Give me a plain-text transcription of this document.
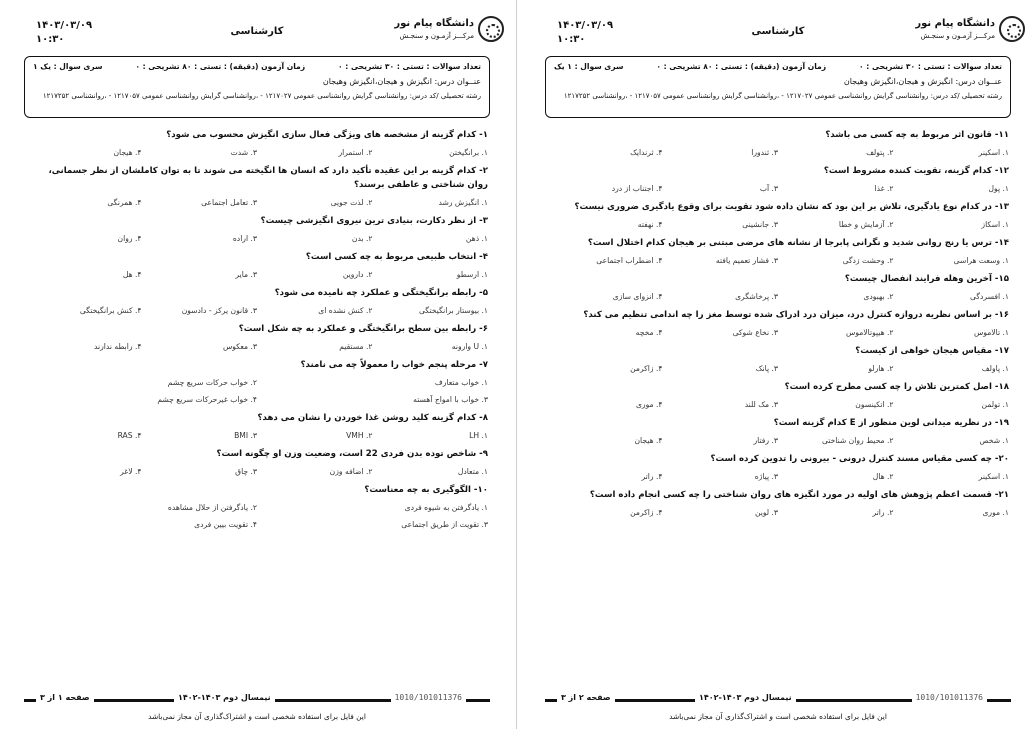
دانشگاه پیام نور
مرکـــز آزمـون و سنجـش
کارشناسی
۱۴۰۳/۰۳/۰۹
۱۰:۳۰
تعداد سوالات : تستی : ۳۰ تشریحی : ۰
زمان آزمون (دقیقه) : تستی : ۸۰ تشریحی : ۰
سری سوال : یک ۱
عنــوان درس: انگیزش و هیجان،انگیزش وهیجان
رشته تحصیلی /کد درس: روانشناسی گرایش روانشناسی عمومی ۱۲۱۷۰۲۷ - ،روانشناسی گرایش روانشناسی عمومی ۱۲۱۷۰۵۷ - ،روانشناسی ۱۲۱۷۲۵۲
۱- کدام گزینه از مشخصه های ویژگی فعال سازی انگیزش محسوب می شود؟
۱. برانگیختن
۲. استمرار
۳. شدت
۴. هیجان
۲- کدام گزینه بر این عقیده تأکید دارد که انسان ها انگیخته می شوند تا به توان کاملشان از نظر جسمانی، روان شناختی و عاطفی برسند؟
۱. انگیزش رشد
۲. لذت جویی
۳. تعامل اجتماعی
۴. همرنگی
۳- از نظر دکارت، بنیادی ترین نیروی انگیزشی چیست؟
۱. ذهن
۲. بدن
۳. اراده
۴. روان
۴- انتخاب طبیعی مربوط به چه کسی است؟
۱. ارسطو
۲. داروین
۳. مایر
۴. هل
۵- رابطه برانگیختگی و عملکرد چه نامیده می شود؟
۱. بیوستار برانگیختگی
۲. کنش نشده ای
۳. قانون یرکز - دادسون
۴. کنش برانگیختگی
۶- رابطه بین سطح برانگیختگی و عملکرد به چه شکل است؟
۱. U وارونه
۲. مستقیم
۳. معکوس
۴. رابطه ندارند
۷- مرحله پنجم خواب را معمولاً چه می نامند؟
۱. خواب متعارف
۲. خواب حرکات سریع چشم
۳. خواب با امواج آهسته
۴. خواب غیرحرکات سریع چشم
۸- کدام گزینه کلید روشن غذا خوردن را نشان می دهد؟
۱. LH
۲. VMH
۳. BMI
۴. RAS
۹- شاخص توده بدن فردی 22 است، وضعیت وزن او چگونه است؟
۱. متعادل
۲. اضافه وزن
۳. چاق
۴. لاغر
۱۰- الگوگیری به چه معناست؟
۱. یادگرفتن به شیوه فردی
۲. یادگرفتن از حلال مشاهده
۳. تقویت از طریق اجتماعی
۴. تقویت بیین فردی
صفحه ۱ از ۳	نیمسال دوم ۱۴۰۳-۱۴۰۲	1010/101011376
این فایل برای استفاده شخصی است و اشتراک‌گذاری آن مجاز نمی‌باشد
دانشگاه پیام نور
مرکـــز آزمـون و سنجـش
کارشناسی
۱۴۰۳/۰۳/۰۹
۱۰:۳۰
تعداد سوالات : تستی : ۳۰ تشریحی : ۰
زمان آزمون (دقیقه) : تستی : ۸۰ تشریحی : ۰
سری سوال : ۱ یک
عنــوان درس: انگیزش و هیجان،انگیزش وهیجان
رشته تحصیلی /کد درس: روانشناسی گرایش روانشناسی عمومی ۱۲۱۷۰۲۷ - ،روانشناسی گرایش روانشناسی عمومی ۱۲۱۷۰۵۷ - ،روانشناسی ۱۲۱۷۲۵۲
۱۱- قانون اثر مربوط به چه کسی می باشد؟
۱. اسکینر
۲. پتولف
۳. ثندورا
۴. ثرندایک
۱۲- کدام گزینه، تقویت کننده مشروط است؟
۱. پول
۲. غذا
۳. آب
۴. اجتناب از درد
۱۳- در کدام نوع یادگیری، تلاش بر این بود که نشان داده شود تقویت برای وقوع یادگیری ضروری نیست؟
۱. اسکاز
۲. آزمایش و خطا
۳. جانشینی
۴. نهفته
۱۴- ترس یا رنج روانی شدید و نگرانی پابرجا از نشانه های مرضی مبتنی بر هیجان کدام اختلال است؟
۱. وسعت هراسی
۲. وحشت زدگی
۳. فشار تعمیم یافته
۴. اضطراب اجتماعی
۱۵- آخرین وهله فرایند انفصال چیست؟
۱. افسردگی
۲. بهبودی
۳. پرخاشگری
۴. انزوای سازی
۱۶- بر اساس نظریه دروازه کنترل درد، میزان درد ادراک شده توسط مغز را چه اندامی تنظیم می کند؟
۱. تالاموس
۲. هیپوتالاموس
۳. نخاع شوکی
۴. مخچه
۱۷- مقیاس هیجان خواهی از کیست؟
۱. پاولف
۲. هارلو
۳. پانک
۴. زاکرمن
۱۸- اصل کمترین تلاش را چه کسی مطرح کرده است؟
۱. تولمن
۲. اتکینسون
۳. مک للند
۴. موری
۱۹- در نظریه میدانی لوین منظور از E کدام گزینه است؟
۱. شخص
۲. محیط روان شناختی
۳. رفتار
۴. هیجان
۲۰- چه کسی مقیاس مسند کنترل درونی - بیرونی را تدوین کرده است؟
۱. اسکینر
۲. هال
۳. پیاژه
۴. راتر
۲۱- قسمت اعظم پژوهش های اولیه در مورد انگیزه های روان شناختی را چه کسی انجام داده است؟
۱. موری
۲. راتر
۳. لوین
۴. زاکرمن
صفحه ۲ از ۳	نیمسال دوم ۱۴۰۳-۱۴۰۲	1010/101011376
این فایل برای استفاده شخصی است و اشتراک‌گذاری آن مجاز نمی‌باشد
